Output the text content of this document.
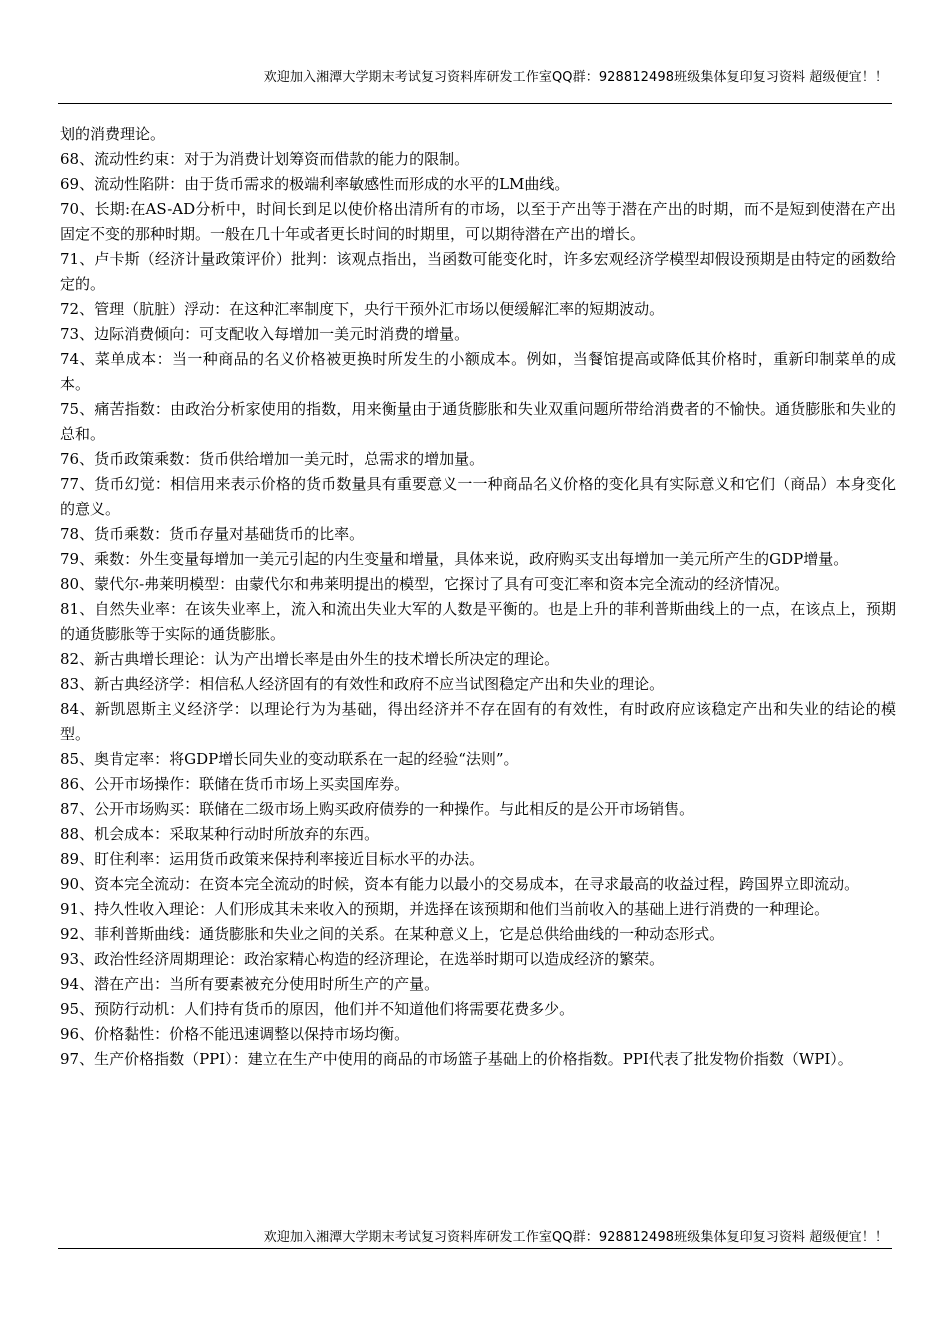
欢迎加入湘潭大学期末考试复习资料库研发工作室QQ群：928812498班级集体复印复习资料 超级便宜！！

划的消费理论。

68、流动性约束：对于为消费计划筹资而借款的能力的限制。

69、流动性陷阱：由于货币需求的极端利率敏感性而形成的水平的LM曲线。

70、长期:在AS-AD分析中，时间长到足以使价格出清所有的市场，以至于产出等于潜在产出的时期，而不是短到使潜在产出固定不变的那种时期。一般在几十年或者更长时间的时期里，可以期待潜在产出的增长。

71、卢卡斯（经济计量政策评价）批判：该观点指出，当函数可能变化时，许多宏观经济学模型却假设预期是由特定的函数给定的。

72、管理（肮脏）浮动：在这种汇率制度下，央行干预外汇市场以便缓解汇率的短期波动。

73、边际消费倾向：可支配收入每增加一美元时消费的增量。

74、菜单成本：当一种商品的名义价格被更换时所发生的小额成本。例如，当餐馆提高或降低其价格时，重新印制菜单的成本。

75、痛苦指数：由政治分析家使用的指数，用来衡量由于通货膨胀和失业双重问题所带给消费者的不愉快。通货膨胀和失业的总和。

76、货币政策乘数：货币供给增加一美元时，总需求的增加量。

77、货币幻觉：相信用来表示价格的货币数量具有重要意义一一种商品名义价格的变化具有实际意义和它们（商品）本身变化的意义。

78、货币乘数：货币存量对基础货币的比率。

79、乘数：外生变量每增加一美元引起的内生变量和增量，具体来说，政府购买支出每增加一美元所产生的GDP增量。

80、蒙代尔-弗莱明模型：由蒙代尔和弗莱明提出的模型，它探讨了具有可变汇率和资本完全流动的经济情况。

81、自然失业率：在该失业率上，流入和流出失业大军的人数是平衡的。也是上升的菲利普斯曲线上的一点，在该点上，预期的通货膨胀等于实际的通货膨胀。

82、新古典增长理论：认为产出增长率是由外生的技术增长所决定的理论。

83、新古典经济学：相信私人经济固有的有效性和政府不应当试图稳定产出和失业的理论。

84、新凯恩斯主义经济学：以理论行为为基础，得出经济并不存在固有的有效性，有时政府应该稳定产出和失业的结论的模型。

85、奥肯定率：将GDP增长同失业的变动联系在一起的经验“法则”。

86、公开市场操作：联储在货币市场上买卖国库券。

87、公开市场购买：联储在二级市场上购买政府债券的一种操作。与此相反的是公开市场销售。

88、机会成本：采取某种行动时所放弃的东西。

89、盯住利率：运用货币政策来保持利率接近目标水平的办法。

90、资本完全流动：在资本完全流动的时候，资本有能力以最小的交易成本，在寻求最高的收益过程，跨国界立即流动。

91、持久性收入理论：人们形成其未来收入的预期，并选择在该预期和他们当前收入的基础上进行消费的一种理论。

92、菲利普斯曲线：通货膨胀和失业之间的关系。在某种意义上，它是总供给曲线的一种动态形式。

93、政治性经济周期理论：政治家精心构造的经济理论，在选举时期可以造成经济的繁荣。

94、潜在产出：当所有要素被充分使用时所生产的产量。

95、预防行动机：人们持有货币的原因，他们并不知道他们将需要花费多少。

96、价格黏性：价格不能迅速调整以保持市场均衡。

97、生产价格指数（PPI）：建立在生产中使用的商品的市场篮子基础上的价格指数。PPI代表了批发物价指数（WPI）。

欢迎加入湘潭大学期末考试复习资料库研发工作室QQ群：928812498班级集体复印复习资料 超级便宜！！
